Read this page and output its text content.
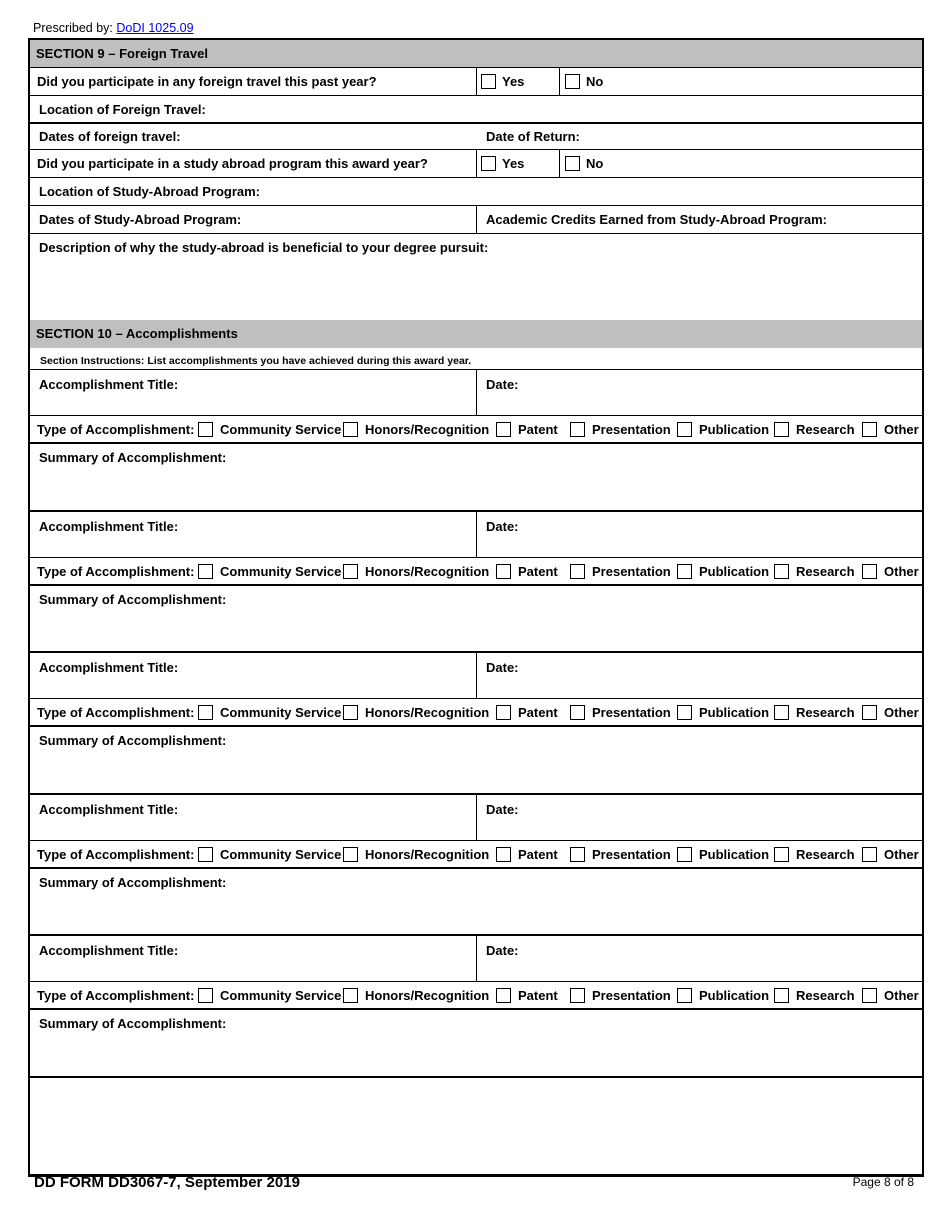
Prescribed by: DoDI 1025.09
SECTION 9 – Foreign Travel
Did you participate in any foreign travel this past year?	Yes	No
Location of Foreign Travel:
Dates of foreign travel:	Date of Return:
Did you participate in a study abroad program this award year?	Yes	No
Location of Study-Abroad Program:
Dates of Study-Abroad Program:	Academic Credits Earned from Study-Abroad Program:
Description of why the study-abroad is beneficial to your degree pursuit:
SECTION 10 – Accomplishments
Section Instructions: List accomplishments you have achieved during this award year.
Accomplishment Title:	Date:
Type of Accomplishment: Community Service Honors/Recognition Patent	Presentation Publication Research Other
Summary of Accomplishment:
Accomplishment Title:	Date:
Type of Accomplishment: Community Service Honors/Recognition Patent	Presentation Publication Research Other
Summary of Accomplishment:
Accomplishment Title:	Date:
Type of Accomplishment: Community Service Honors/Recognition Patent	Presentation Publication Research Other
Summary of Accomplishment:
Accomplishment Title:	Date:
Type of Accomplishment: Community Service Honors/Recognition Patent	Presentation Publication Research Other
Summary of Accomplishment:
Accomplishment Title:	Date:
Type of Accomplishment: Community Service Honors/Recognition Patent	Presentation Publication Research Other
Summary of Accomplishment:
DD FORM DD3067-7, September 2019	Page 8 of 8
